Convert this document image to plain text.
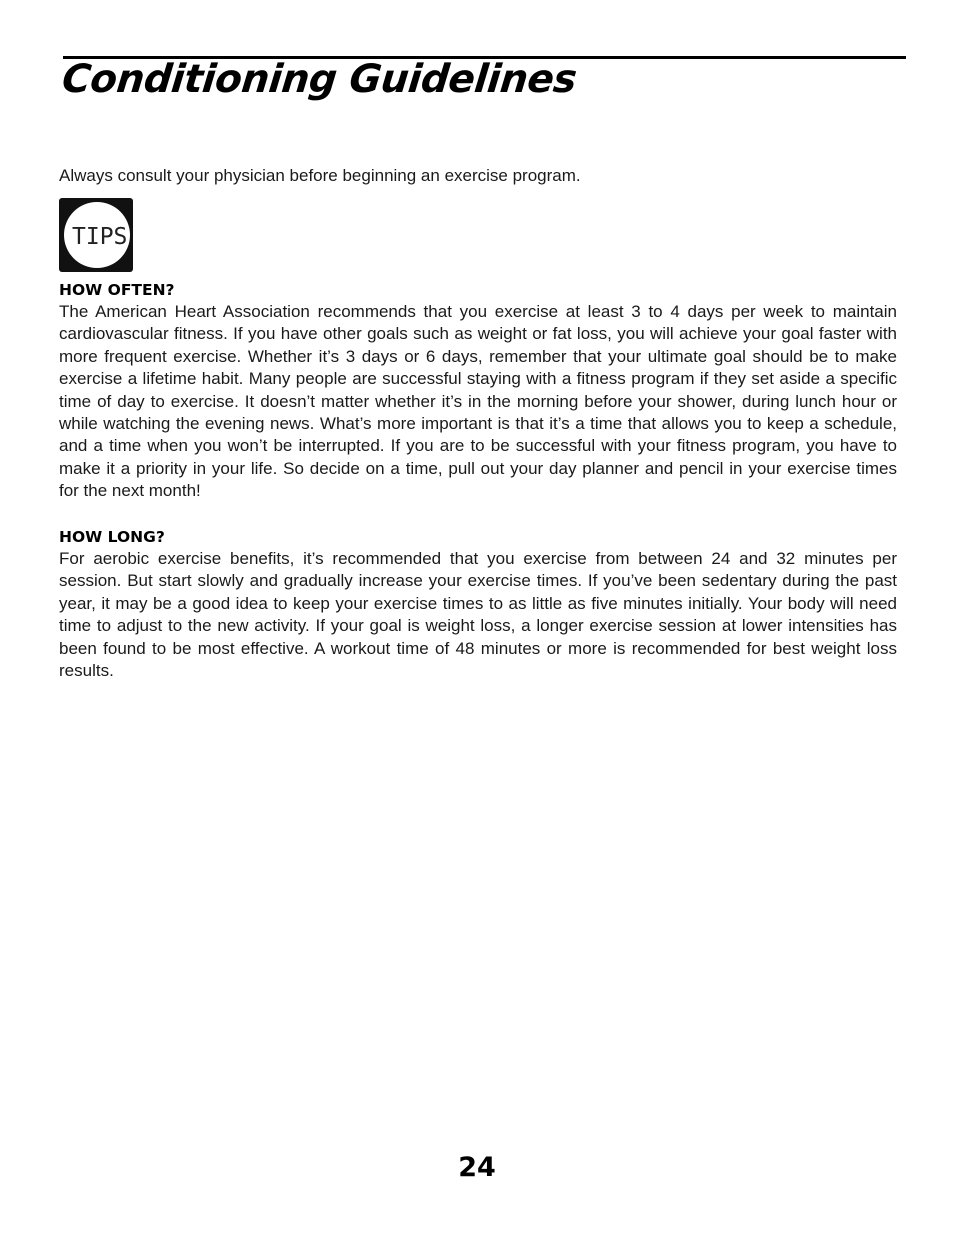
Conditioning Guidelines

Always consult your physician before beginning an exercise program.

TIPS
HOW OFTEN?

The American Heart Association recommends that you exercise at least 3 to 4 days per week to maintain cardiovascular fitness. If you have other goals such as weight or fat loss, you will achieve your goal faster with more frequent exercise. Whether it’s 3 days or 6 days, remember that your ultimate goal should be to make exercise a lifetime habit. Many people are successful staying with a fitness program if they set aside a specific time of day to exercise. It doesn’t matter whether it’s in the morning before your shower, during lunch hour or while watching the evening news. What’s more important is that it’s a time that allows you to keep a schedule, and a time when you won’t be interrupted. If you are to be successful with your fitness program, you have to make it a priority in your life. So decide on a time, pull out your day planner and pencil in your exercise times for the next month!

HOW LONG?

For aerobic exercise benefits, it’s recommended that you exercise from between 24 and 32 minutes per session. But start slowly and gradually increase your exercise times. If you’ve been sedentary during the past year, it may be a good idea to keep your exercise times to as little as five minutes initially. Your body will need time to adjust to the new activity. If your goal is weight loss, a longer exercise session at lower intensities has been found to be most effective. A workout time of 48 minutes or more is recommended for best weight loss results.

24
